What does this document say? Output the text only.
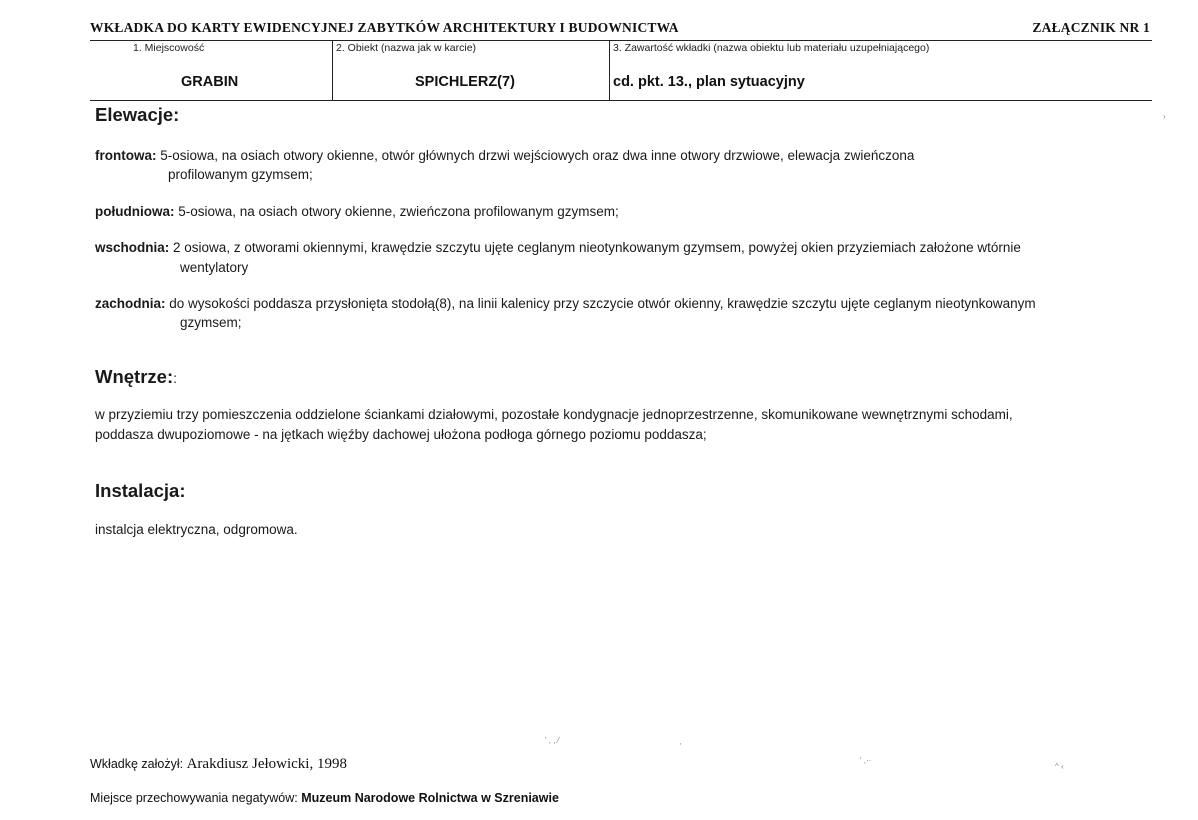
WKŁADKA DO KARTY EWIDENCYJNEJ ZABYTKÓW ARCHITEKTURY I BUDOWNICTWA	ZAŁĄCZNIK NR 1
1. Miejscowość
GRABIN
2. Obiekt (nazwa jak w karcie)
SPICHLERZ(7)
3. Zawartość wkładki (nazwa obiektu lub materiału uzupełniającego)
cd. pkt. 13., plan sytuacyjny
›
Elewacje:
frontowa: 5-osiowa, na osiach otwory okienne, otwór głównych drzwi wejściowych oraz dwa inne otwory drzwiowe, elewacja zwieńczona
profilowanym gzymsem;
południowa: 5-osiowa, na osiach otwory okienne, zwieńczona profilowanym gzymsem;
wschodnia: 2 osiowa, z otworami okiennymi, krawędzie szczytu ujęte ceglanym nieotynkowanym gzymsem, powyżej okien przyziemiach założone wtórnie
wentylatory
zachodnia: do wysokości poddasza przysłonięta stodołą(8), na linii kalenicy przy szczycie otwór okienny, krawędzie szczytu ujęte ceglanym nieotynkowanym
gzymsem;
Wnętrze::
w przyziemiu trzy pomieszczenia oddzielone ściankami działowymi, pozostałe kondygnacje jednoprzestrzenne, skomunikowane wewnętrznymi schodami,
poddasza dwupoziomowe - na jętkach więźby dachowej ułożona podłoga górnego poziomu poddasza;
Instalacja:
instalcja elektryczna, odgromowa.
' , , ⁄
'
' ,··
^ ‹
Wkładkę założył: Arakdiusz Jełowicki, 1998
Miejsce przechowywania negatywów: Muzeum Narodowe Rolnictwa w Szreniawie
